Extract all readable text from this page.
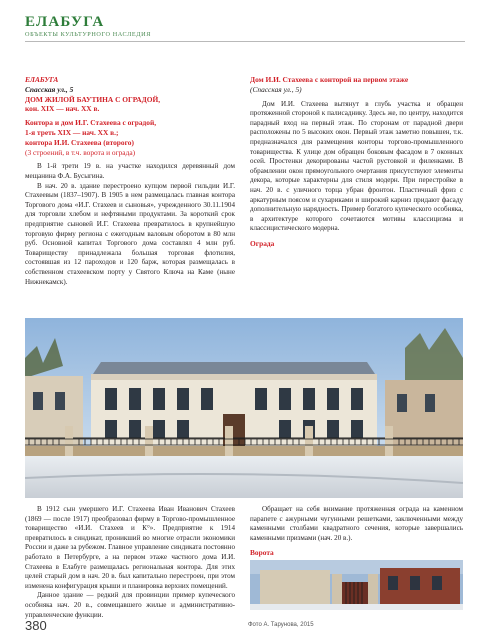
ЕЛАБУГА
ОБЪЕКТЫ КУЛЬТУРНОГО НАСЛЕДИЯ

ЕЛАБУГА

Спасская ул., 5

ДОМ ЖИЛОЙ БАУТИНА С ОГРАДОЙ,

кон. XIX — нач. XX в.

Контора и дом И.Г. Стахеева с оградой,

1-я треть XIX — нач. XX в.;

контора И.И. Стахеева (второго)

(3 строений, в т.ч. ворота и ограда)

В 1-й трети 19 в. на участке находился деревянный дом мещанина Ф.А. Бусыгина.

В нач. 20 в. здание перестроено купцом первой гильдии И.Г. Стахеевым (1837–1907). В 1905 в нем размещалась главная контора Торгового дома «И.Г. Стахеев и сыновья», учрежденного 30.11.1904 для торговли хлебом и нефтяными продуктами. За короткий срок предприятие сыновей И.Г. Стахеева превратилось в крупнейшую торговую фирму региона с ежегодным валовым оборотом в 80 млн руб. Основной капитал Торгового дома составлял 4 млн руб. Товариществу принадлежала большая торговая флотилия, состоявшая из 12 пароходов и 120 барж, которая размещалась в собственном стахеевском порту у Святого Ключа на Каме (ныне Нижнекамск).

Дом И.И. Стахеева с конторой на первом этаже

(Спасская ул., 5)

Дом И.И. Стахеева вытянут в глубь участка и обращен протяженной стороной к палисаднику. Здесь же, по центру, находится парадный вход на первый этаж. По сторонам от парадной двери расположены по 5 высоких окон. Первый этаж заметно повышен, т.к. предназначался для размещения конторы торгово-промышленного товарищества. К улице дом обращен боковым фасадом в 7 оконных осей. Простенки декорированы частой рустовкой и филенками. В обрамлении окон прямоугольного очертания присутствуют элементы декора, которые характерны для стиля модерн. При перестройке в нач. 20 в. с уличного торца убран фронтон. Пластичный фриз с аркатурным поясом и сухариками и широкий карниз придают фасаду дополнительную нарядность. Пример богатого купеческого особняка, в архитектуре которого сочетаются мотивы классицизма и классицистического модерна.

Ограда

В 1912 сын умершего И.Г. Стахеева Иван Иванович Стахеев (1869 — после 1917) преобразовал фирму в Торгово-промышленное товарищество «И.И. Стахеев и К°». Предприятие к 1914 превратилось в синдикат, проникший во многие отрасли экономики России и даже за рубежом. Главное управление синдиката постоянно работало в Петербурге, а на первом этаже частного дома И.И. Стахеева в Елабуге размещалась региональная контора. Для этих целей старый дом в нач. 20 в. был капитально перестроен, при этом изменена конфигурация крыши и планировка верхних помещений.

Данное здание — редкий для провинции пример купеческого особняка нач. 20 в., совмещавшего жилые и административно-управленческие функции.

Обращает на себя внимание протяженная ограда на каменном парапете с ажурными чугунными решетками, заключенными между каменными столбами квадратного сечения, которые завершались каменными призмами (нач. 20 в.).

Ворота

380	Фото А. Тарунова, 2015
